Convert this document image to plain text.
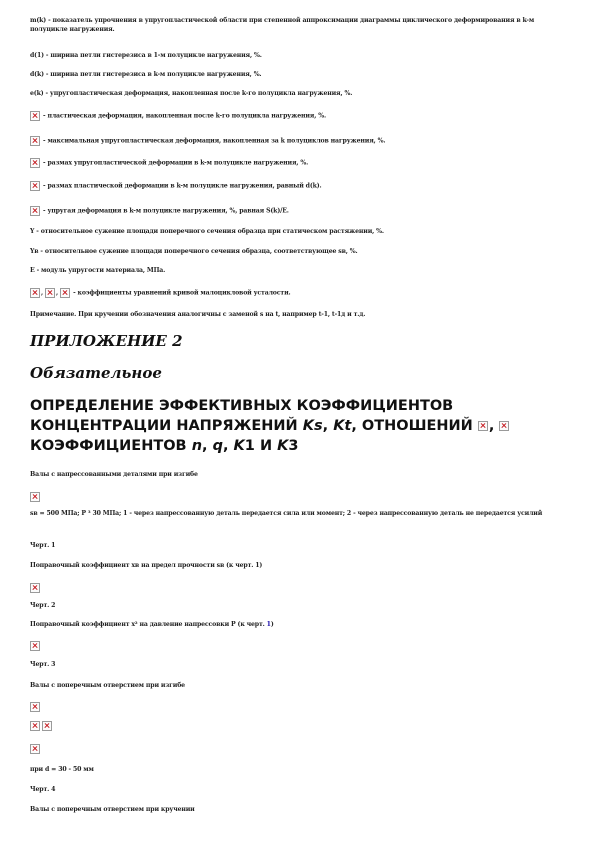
m(k) - показатель упрочнения в упругопластической области при степенной аппроксимации диаграммы циклического деформирования в k-м полуцикле нагружения.

d(1) - ширина петли гистерезиса в 1-м полуцикле нагружения, %.

d(k) - ширина петли гистерезиса в k-м полуцикле нагружения, %.

e(k) - упругопластическая деформация, накопленная после k-го полуцикла нагружения, %.

- пластическая деформация, накопленная после k-го полуцикла нагружения, %.

- максимальная упругопластическая деформация, накопленная за k полуциклов нагружения, %.

- размах упругопластической деформации в k-м полуцикле нагружения, %.

- размах пластической деформации в k-м полуцикле нагружения, равный d(k).

- упругая деформация в k-м полуцикле нагружения, %, равная S(k)/E.

Y - относительное сужение площади поперечного сечения образца при статическом растяжении, %.

Yв - относительное сужение площади поперечного сечения образца, соответствующее sв, %.

E - модуль упругости материала, МПа.

, , - коэффициенты уравнений кривой малоцикловой усталости.

Примечание. При кручении обозначения аналогичны с заменой s на t, например t-1, t-1д и т.д.

ПРИЛОЖЕНИЕ 2

Обязательное

ОПРЕДЕЛЕНИЕ ЭФФЕКТИВНЫХ КОЭФФИЦИЕНТОВ КОНЦЕНТРАЦИИ НАПРЯЖЕНИЙ Ks, Kt, ОТНОШЕНИЙ ,
КОЭФФИЦИЕНТОВ n, q, K1 И K3

Валы с напрессованными деталями при изгибе

sв = 500 МПа; P ³ 30 МПа; 1 - через напрессованную деталь передается сила или момент; 2 - через напрессованную деталь не передается усилий

Черт. 1

Поправочный коэффициент xв на предел прочности sв (к черт. 1)

Черт. 2

Поправочный коэффициент x² на давление напрессовки P (к черт. 1)

Черт. 3

Валы с поперечным отверстием при изгибе

при d = 30 - 50 мм

Черт. 4

Валы с поперечным отверстием при кручении
